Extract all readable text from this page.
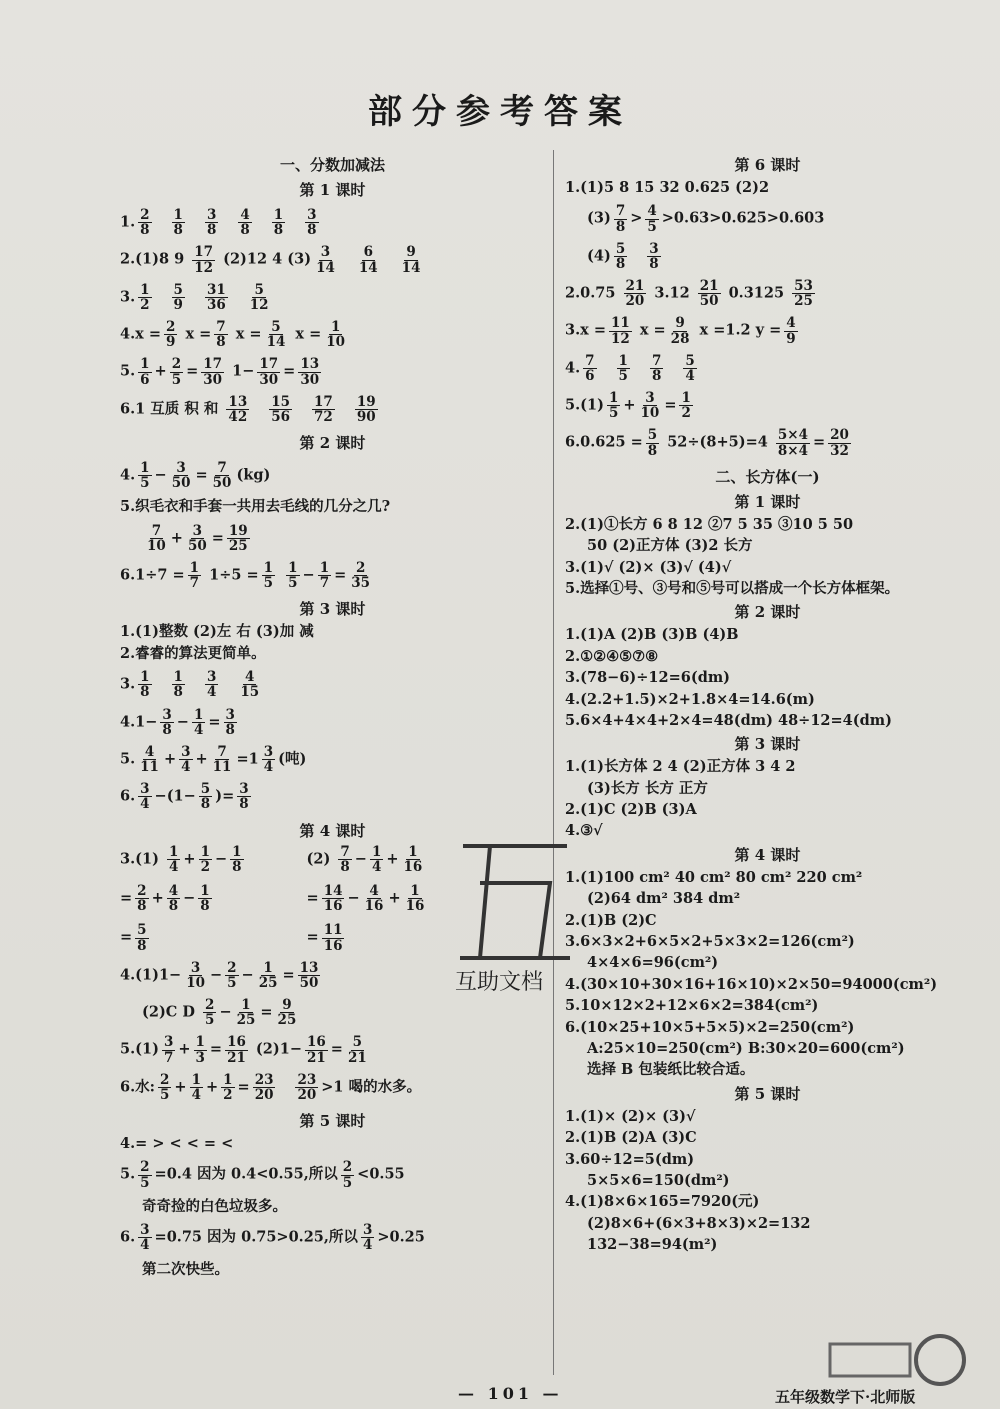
部分参考答案
一、分数加减法
第 1 课时
1. $\frac{2}{8} \frac{1}{8} \frac{3}{8} \frac{4}{8} \frac{1}{8} \frac{3}{8}$
2.(1)8 $9 \frac{17}{12} (2)12$ 4 $(3) \frac{3}{14} \frac{6}{14} \frac{9}{14}$
3. $\frac{1}{2} \frac{5}{9} \frac{31}{36} \frac{5}{12}$
$4.x = \frac{2}{9}$ $x = \frac{7}{8}$ $x = \frac{5}{14}$ $x = \frac{1}{10}$
5. $\frac{1}{6} + \frac{2}{5} = \frac{17}{30} 1- \frac{17}{30} = \frac{13}{30}$
6.1 互质 积 和 $\frac{13}{42} \frac{15}{56} \frac{17}{72} \frac{19}{90}$
第 2 课时
4. $\frac{1}{5} - \frac{3}{50} = \frac{7}{50} (kg)$
5.织毛衣和手套一共用去毛线的几分之几?
$\frac{7}{10} + \frac{3}{50} = \frac{19}{25}$
$6.1\div 7 = \frac{1}{7} 1\div 5 = \frac{1}{5}$
$\frac{1}{5} - \frac{1}{7} = \frac{2}{35}$
第 3 课时
1.(1)整数 (2)左 右 (3)加 减
2.睿睿的算法更简单。
3. $\frac{1}{8} \frac{1}{8} \frac{3}{4} \frac{4}{15}$
$4.1- \frac{3}{8} - \frac{1}{4} = \frac{3}{8}$
5. $\frac{4}{11} + \frac{3}{4} + \frac{7}{11} =1 \frac{3}{4}$ (吨)
6. $\frac{3}{4} -(1- \frac{5}{8}$ )= $\frac{3}{8}$
第 4 课时
$3.(1) \frac{1}{4} + \frac{1}{2} - \frac{1}{8}$
= $\frac{2}{8} + \frac{4}{8} - \frac{1}{8}$
= $\frac{5}{8}$
$(2) \frac{7}{8} - \frac{1}{4} + \frac{1}{16}$
= $\frac{14}{16} - \frac{4}{16} + \frac{1}{16}$
= $\frac{11}{16}$
$4.(1)1- \frac{3}{10} - \frac{2}{5} - \frac{1}{25} = \frac{13}{50}$
(2)C D $\frac{2}{5} - \frac{1}{25} = \frac{9}{25}$
$5.(1) \frac{3}{7} + \frac{1}{3} = \frac{16}{21} (2)1- \frac{16}{21} = \frac{5}{21}$
6.水: $\frac{2}{5} + \frac{1}{4} + \frac{1}{2} = \frac{23}{20} \frac{23}{20} >1$ 喝的水多。
第 5 课时
4.= > < < = <
5. $\frac{2}{5} =0.4$ 因为 0.4<0.55,所以 $\frac{2}{5} <0.55$
奇奇捡的白色垃圾多。
6. $\frac{3}{4} =0.75$ 因为 0.75>0.25,所以 $\frac{3}{4} >0.25$
第二次快些。
第 6 课时
1.(1)5 8 15 32 0.625 (2)2
$(3) \frac{7}{8} > \frac{4}{5} >0.63>0.625>0.603$
$(4) \frac{5}{8} \frac{3}{8}$
$2.0.75 \frac{21}{20} 3.12 \frac{21}{50} 0.3125 \frac{53}{25}$
$3.x = \frac{11}{12}$ $x = \frac{9}{28}$ x =1.2 $y = \frac{4}{9}$
4. $\frac{7}{6} \frac{1}{5} \frac{7}{8} \frac{5}{4}$
$5.(1) \frac{1}{5} + \frac{3}{10} = \frac{1}{2}$
$6.0.625 = \frac{5}{8} 52\div(8+5)=4 \frac{5\times 4}{8\times 4} = \frac{20}{32}$
二、长方体(一)
第 1 课时
2.(1)①长方 6 8 12 ②7 5 35 ③10 5 50
50 (2)正方体 (3)2 长方
3.(1)√ (2)× (3)√ (4)√
5.选择①号、③号和⑤号可以搭成一个长方体框架。
第 2 课时
1.(1)A (2)B (3)B (4)B
2.①②④⑤⑦⑧
3.(78−6)÷12=6(dm)
4.(2.2+1.5)×2+1.8×4=14.6(m)
5.6×4+4×4+2×4=48(dm) 48÷12=4(dm)
第 3 课时
1.(1)长方体 2 4 (2)正方体 3 4 2
(3)长方 长方 正方
2.(1)C (2)B (3)A
4.③√
第 4 课时
1.(1)100 cm² 40 cm² 80 cm² 220 cm²
(2)64 dm² 384 dm²
2.(1)B (2)C
3.6×3×2+6×5×2+5×3×2=126(cm²)
4×4×6=96(cm²)
4.(30×10+30×16+16×10)×2×50=94000(cm²)
5.10×12×2+12×6×2=384(cm²)
6.(10×25+10×5+5×5)×2=250(cm²)
A:25×10=250(cm²) B:30×20=600(cm²)
选择 B 包装纸比较合适。
第 5 课时
1.(1)× (2)× (3)√
2.(1)B (2)A (3)C
3.60÷12=5(dm)
5×5×6=150(dm²)
4.(1)8×6×165=7920(元)
(2)8×6+(6×3+8×3)×2=132
132−38=94(m²)
互助文档
— 101 —	五年级数学下·北师版
